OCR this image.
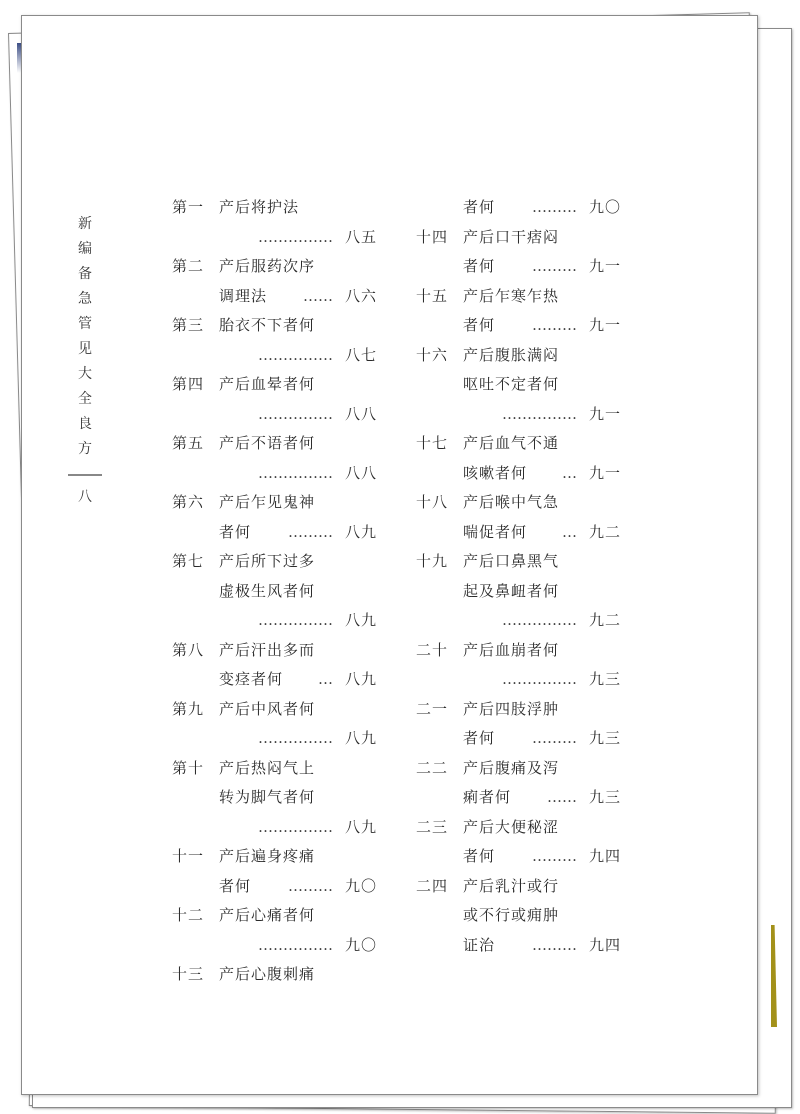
新
编
备
急
管
见
大
全
良
方
八
第一 产后将护法
…………… 八五
第二 产后服药次序
调理法 …… 八六
第三 胎衣不下者何
…………… 八七
第四 产后血晕者何
…………… 八八
第五 产后不语者何
…………… 八八
第六 产后乍见鬼神
者何 ……… 八九
第七 产后所下过多
虚极生风者何
…………… 八九
第八 产后汗出多而
变痉者何 … 八九
第九 产后中风者何
…………… 八九
第十 产后热闷气上
转为脚气者何
…………… 八九
十一 产后遍身疼痛
者何 ……… 九〇
十二 产后心痛者何
…………… 九〇
十三 产后心腹刺痛
者何 ……… 九〇
十四 产后口干痞闷
者何 ……… 九一
十五 产后乍寒乍热
者何 ……… 九一
十六 产后腹胀满闷
呕吐不定者何
…………… 九一
十七 产后血气不通
咳嗽者何 … 九一
十八 产后喉中气急
喘促者何 … 九二
十九 产后口鼻黑气
起及鼻衄者何
…………… 九二
二十 产后血崩者何
…………… 九三
二一 产后四肢浮肿
者何 ……… 九三
二二 产后腹痛及泻
痢者何 …… 九三
二三 产后大便秘涩
者何 ……… 九四
二四 产后乳汁或行
或不行或痈肿
证治 ……… 九四
